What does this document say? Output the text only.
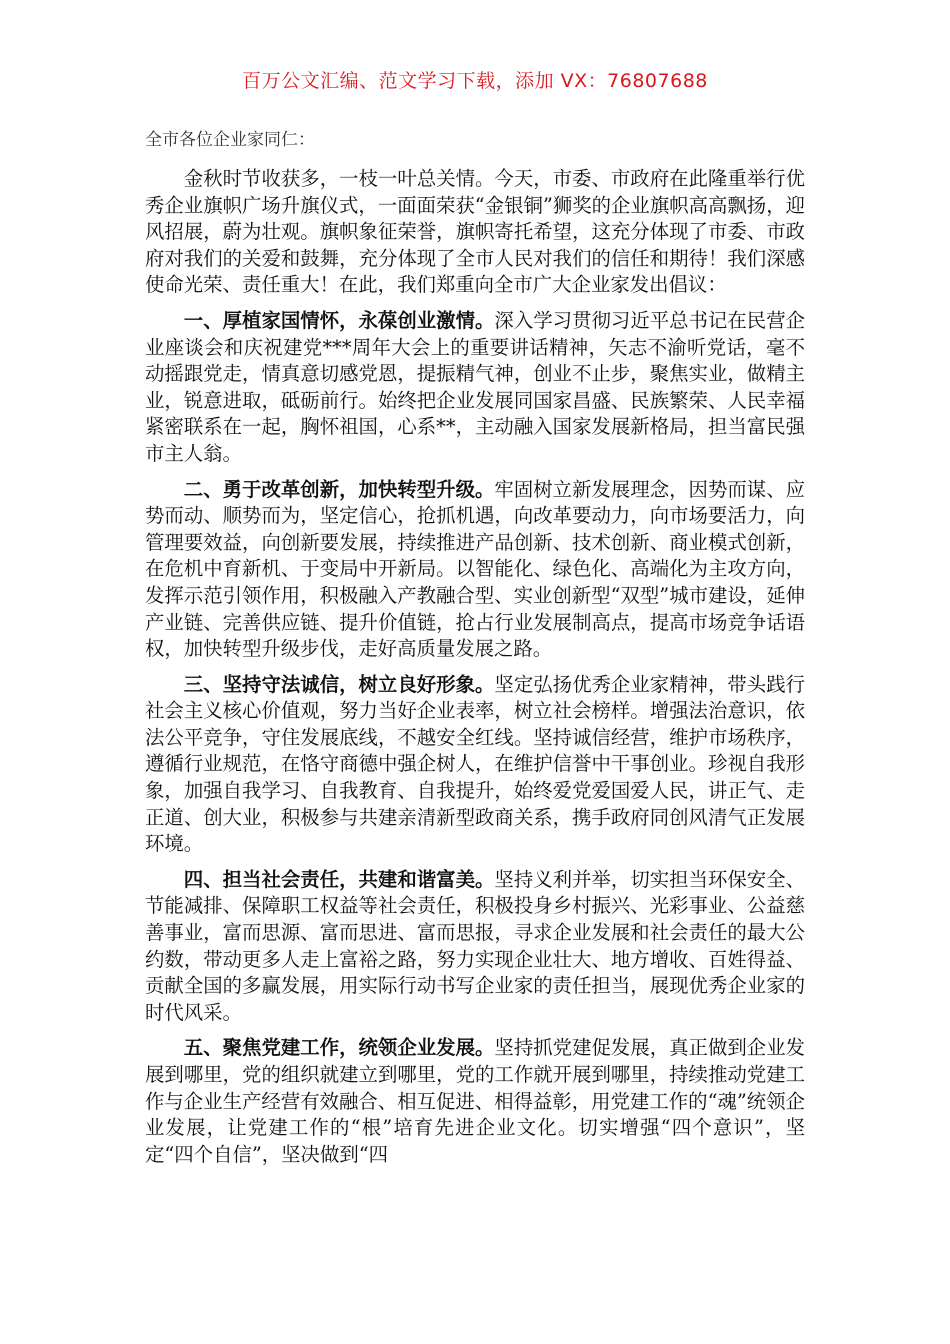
百万公文汇编、范文学习下载，添加 VX：76807688
全市各位企业家同仁：

金秋时节收获多，一枝一叶总关情。今天，市委、市政府在此隆重举行优秀企业旗帜广场升旗仪式，一面面荣获“金银铜”狮奖的企业旗帜高高飘扬，迎风招展，蔚为壮观。旗帜象征荣誉，旗帜寄托希望，这充分体现了市委、市政府对我们的关爱和鼓舞，充分体现了全市人民对我们的信任和期待！我们深感使命光荣、责任重大！在此，我们郑重向全市广大企业家发出倡议：

一、厚植家国情怀，永葆创业激情。深入学习贯彻习近平总书记在民营企业座谈会和庆祝建党***周年大会上的重要讲话精神，矢志不渝听党话，毫不动摇跟党走，情真意切感党恩，提振精气神，创业不止步，聚焦实业，做精主业，锐意进取，砥砺前行。始终把企业发展同国家昌盛、民族繁荣、人民幸福紧密联系在一起，胸怀祖国，心系**，主动融入国家发展新格局，担当富民强市主人翁。

二、勇于改革创新，加快转型升级。牢固树立新发展理念，因势而谋、应势而动、顺势而为，坚定信心，抢抓机遇，向改革要动力，向市场要活力，向管理要效益，向创新要发展，持续推进产品创新、技术创新、商业模式创新，在危机中育新机、于变局中开新局。以智能化、绿色化、高端化为主攻方向，发挥示范引领作用，积极融入产教融合型、实业创新型“双型”城市建设，延伸产业链、完善供应链、提升价值链，抢占行业发展制高点，提高市场竞争话语权，加快转型升级步伐，走好高质量发展之路。

三、坚持守法诚信，树立良好形象。坚定弘扬优秀企业家精神，带头践行社会主义核心价值观，努力当好企业表率，树立社会榜样。增强法治意识，依法公平竞争，守住发展底线，不越安全红线。坚持诚信经营，维护市场秩序，遵循行业规范，在恪守商德中强企树人，在维护信誉中干事创业。珍视自我形象，加强自我学习、自我教育、自我提升，始终爱党爱国爱人民，讲正气、走正道、创大业，积极参与共建亲清新型政商关系，携手政府同创风清气正发展环境。

四、担当社会责任，共建和谐富美。坚持义利并举，切实担当环保安全、节能减排、保障职工权益等社会责任，积极投身乡村振兴、光彩事业、公益慈善事业，富而思源、富而思进、富而思报，寻求企业发展和社会责任的最大公约数，带动更多人走上富裕之路，努力实现企业壮大、地方增收、百姓得益、贡献全国的多赢发展，用实际行动书写企业家的责任担当，展现优秀企业家的时代风采。

五、聚焦党建工作，统领企业发展。坚持抓党建促发展，真正做到企业发展到哪里，党的组织就建立到哪里，党的工作就开展到哪里，持续推动党建工作与企业生产经营有效融合、相互促进、相得益彰，用党建工作的“魂”统领企业发展，让党建工作的“根”培育先进企业文化。切实增强“四个意识”，坚定“四个自信”，坚决做到“四
